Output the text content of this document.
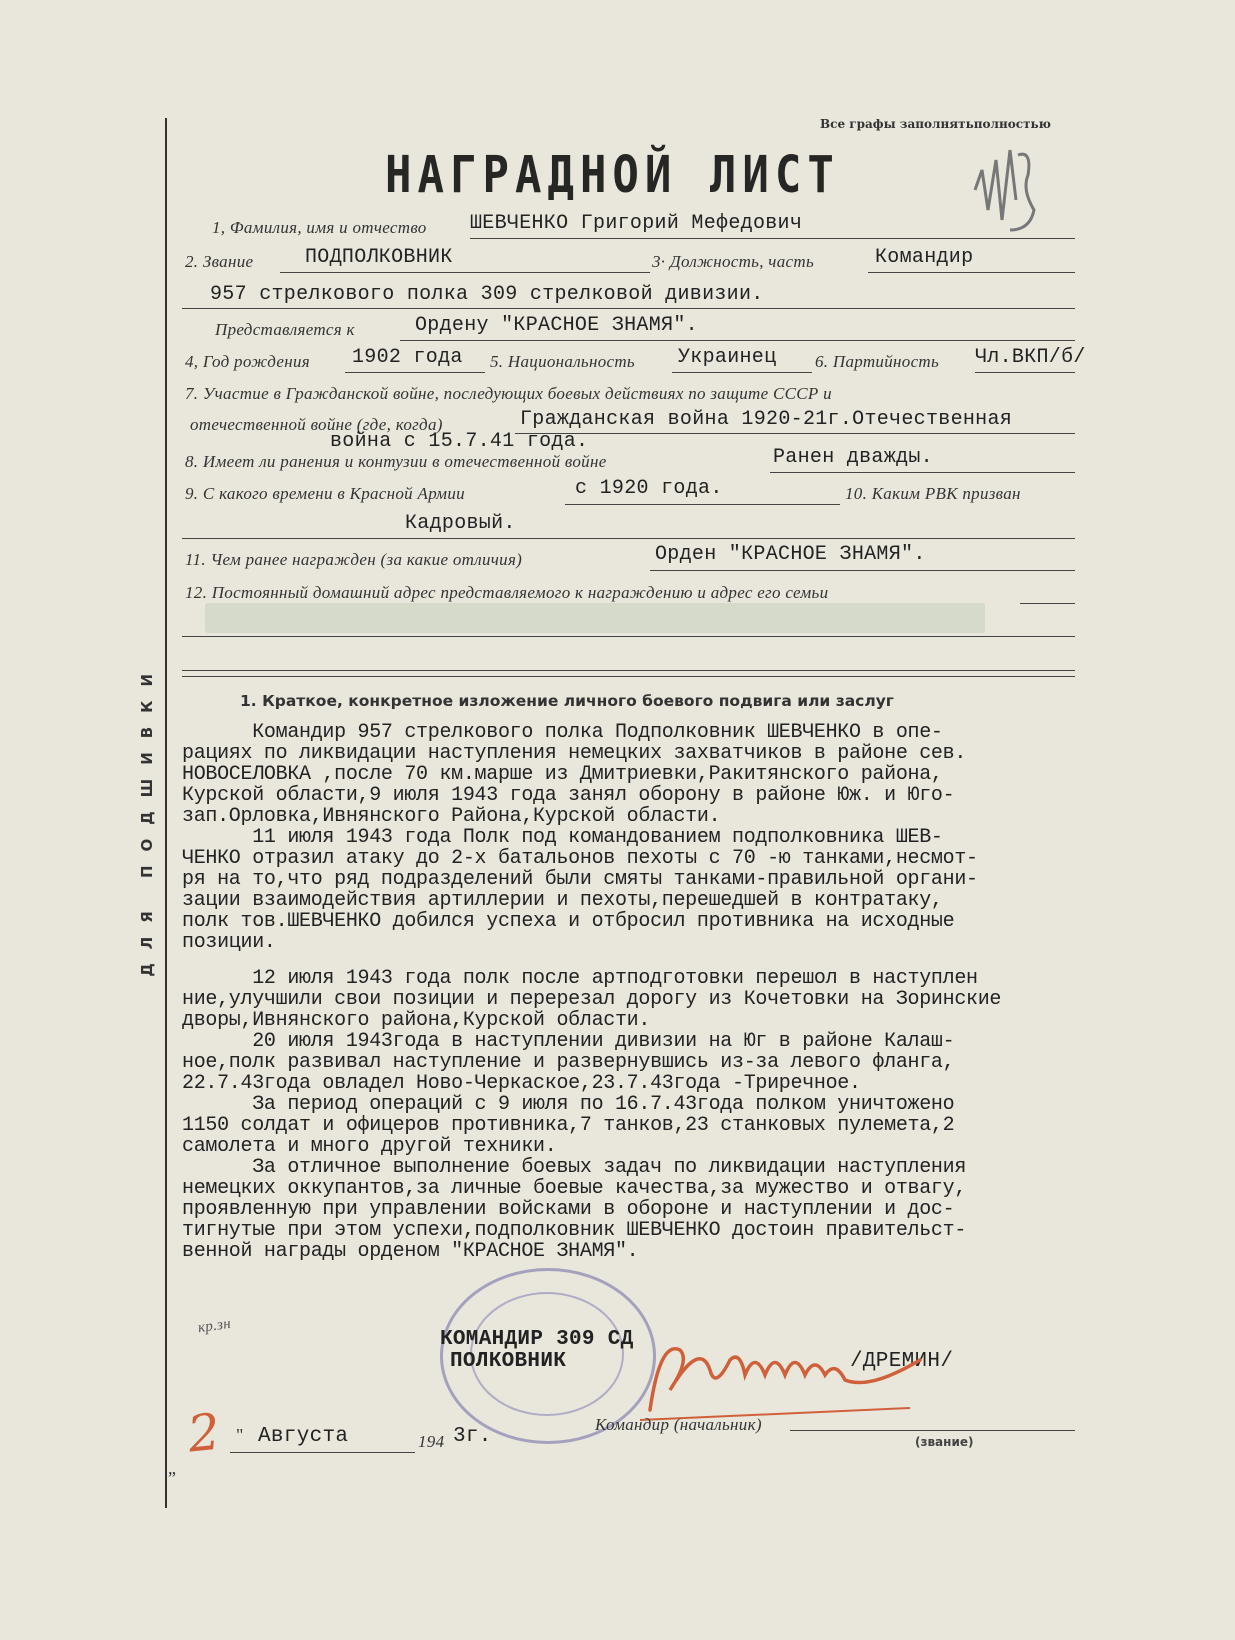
ДЛЯ ПОДШИВКИ
Все графы заполнятьполностью
НАГРАДНОЙ ЛИСТ
1, Фамилия, имя и отчество ШЕВЧЕНКО Григорий Мефедович
2. Звание	ПОДПОЛКОВНИК	3· Должность, часть	Командир
957 стрелкового полка 309 стрелковой дивизии.
Представляется к	Ордену "КРАСНОЕ ЗНАМЯ".
4, Год рождения 1902 года 5. Национальность Украинец 6. Партийность Чл.ВКП/б/
7. Участие в Гражданской войне, последующих боевых действиях по защите СССР и
отечественной войне (где, когда)	Гражданская война 1920-21г.Отечественная
война с 15.7.41 года.
8. Имеет ли ранения и контузии в отечественной войне	Ранен дважды.
9. С какого времени в Красной Армии	с 1920 года.	10. Каким РВК призван
Кадровый.
11. Чем ранее награжден (за какие отличия)	Орден "КРАСНОЕ ЗНАМЯ".
12. Постоянный домашний адрес представляемого к награждению и адрес его семьи
1. Краткое, конкретное изложение личного боевого подвига или заслуг
Командир 957 стрелкового полка Подполковник ШЕВЧЕНКО в опе-
рациях по ликвидации наступления немецких захватчиков в районе сев.
НОВОСЕЛОВКА ,после 70 км.марше из Дмитриевки,Ракитянского района,
Курской области,9 июля 1943 года занял оборону в районе Юж. и Юго-
зап.Орловка,Ивнянского Района,Курской области.
11 июля 1943 года Полк под командованием подполковника ШЕВ-
ЧЕНКО отразил атаку до 2-х батальонов пехоты с 70 -ю танками,несмот-
ря на то,что ряд подразделений были смяты танками-правильной органи-
зации взаимодействия артиллерии и пехоты,перешедшей в контратаку,
полк тов.ШЕВЧЕНКО добился успеха и отбросил противника на исходные
позиции.
12 июля 1943 года полк после артподготовки перешол в наступлен
ние,улучшили свои позиции и перерезал дорогу из Кочетовки на Зоринские
дворы,Ивнянского района,Курской области.
20 июля 1943года в наступлении дивизии на Юг в районе Калаш-
ное,полк развивал наступление и развернувшись из-за левого фланга,
22.7.43года овладел Ново-Черкаское,23.7.43года -Триречное.
За период операций с 9 июля по 16.7.43года полком уничтожено
1150 солдат и офицеров противника,7 танков,23 станковых пулемета,2
самолета и много другой техники.
За отличное выполнение боевых задач по ликвидации наступления
немецких оккупантов,за личные боевые качества,за мужество и отвагу,
проявленную при управлении войсками в обороне и наступлении и дос-
тигнутые при этом успехи,подполковник ШЕВЧЕНКО достоин правительст-
венной награды орденом "КРАСНОЕ ЗНАМЯ".
кр.зн
КОМАНДИР 309 СД
ПОЛКОВНИК	/ДРЕМИН/
Командир (начальник)
(звание)
„
2 " Августа	194 3г.
